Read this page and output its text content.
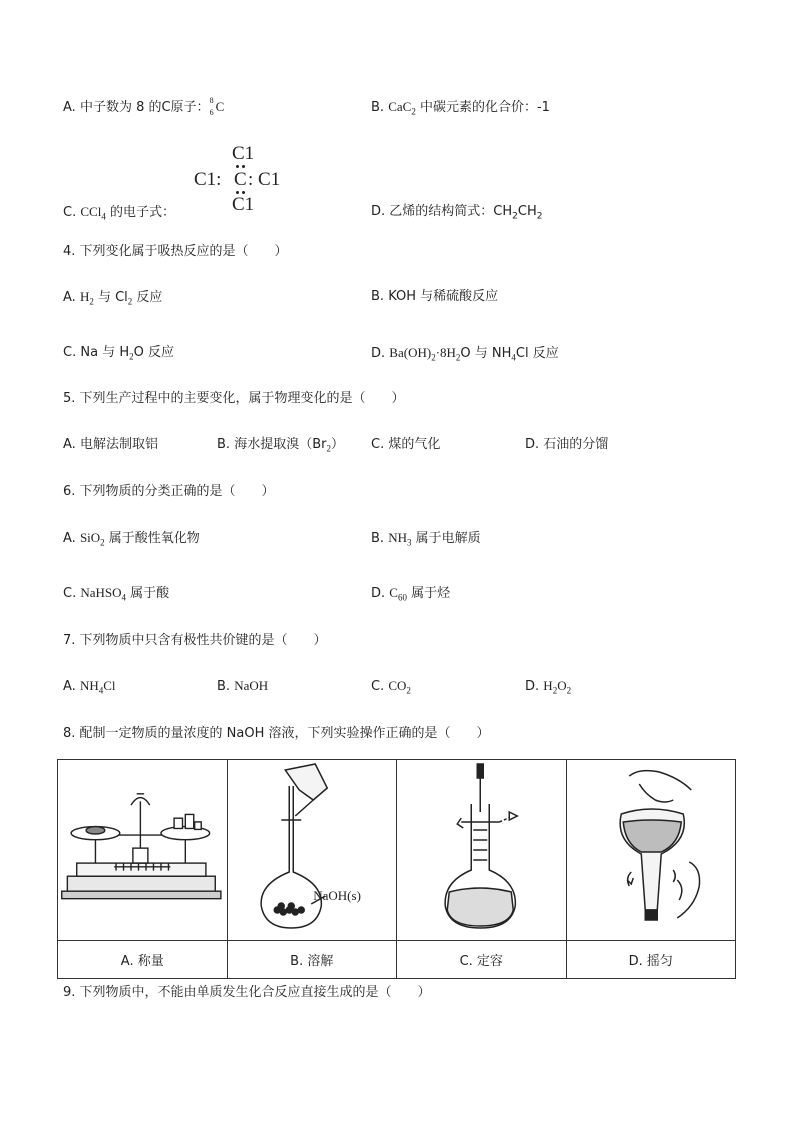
A. 中子数为 8 的C原子： 8
6 C
	B. CaC$_2$ 中碳元素的化合价：-1
C1
C1: C : C1
C1
C. CCl$_4$ 的电子式：	D. 乙烯的结构简式：$CH_2CH_2$
4. 下列变化属于吸热反应的是（　　）
A. $H_2$ 与 $Cl_2$ 反应	B. KOH 与稀硫酸反应
C. Na 与 $H_2O$ 反应	D. $Ba(OH)_2\cdot 8H_2O$ 与 $NH_4Cl$ 反应
5. 下列生产过程中的主要变化，属于物理变化的是（　　）
A. 电解法制取铝	B. 海水提取溴$(Br_2)$ C. 煤的气化	D. 石油的分馏
6. 下列物质的分类正确的是（　　）
A. SiO$_2$ 属于酸性氧化物	B. $NH_3$ 属于电解质
C. NaHSO$_4$ 属于酸	D. $C_{60}$ 属于烃
7. 下列物质中只含有极性共价键的是（　　）
A. $NH_4Cl$	B. NaOH	C. $CO_2$	D. $H_2O_2$
8. 配制一定物质的量浓度的 NaOH 溶液，下列实验操作正确的是（　　）

NaOH(s)

A. 称量	B. 溶解	C. 定容	D. 摇匀
9. 下列物质中，不能由单质发生化合反应直接生成的是（　　）
